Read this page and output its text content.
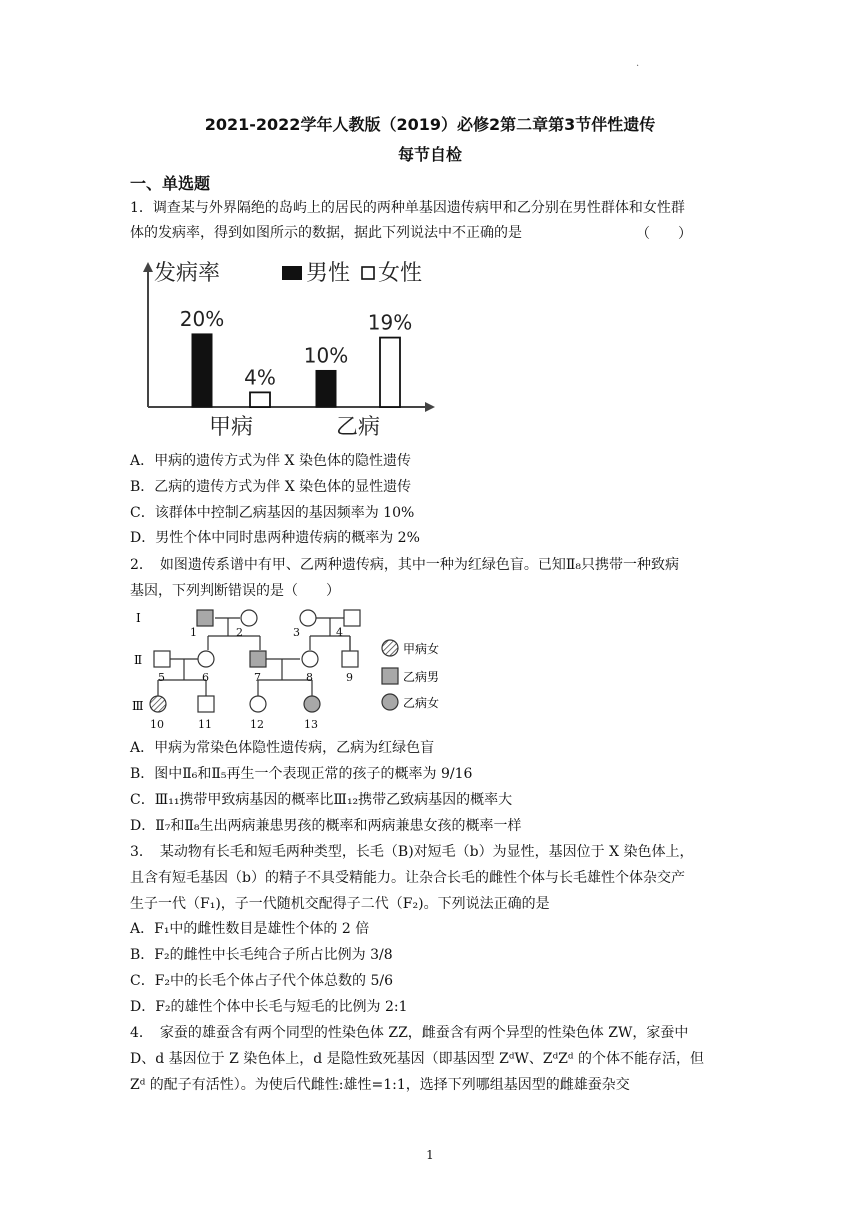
.
2021-2022学年人教版（2019）必修2第二章第3节伴性遗传
每节自检
一、单选题
1．调查某与外界隔绝的岛屿上的居民的两种单基因遗传病甲和乙分别在男性群体和女性群
体的发病率，得到如图所示的数据，据此下列说法中不正确的是	（　　）
发病率	男性 女性
20%
4%
甲病
10%
19%
乙病
A．甲病的遗传方式为伴 X 染色体的隐性遗传
B．乙病的遗传方式为伴 X 染色体的显性遗传
C．该群体中控制乙病基因的基因频率为 10%
D．男性个体中同时患两种遗传病的概率为 2%
2．　如图遗传系谱中有甲、乙两种遗传病，其中一种为红绿色盲。已知Ⅱ₈只携带一种致病
基因，下列判断错误的是（　　）
Ⅰ
Ⅱ
Ⅲ
1	2	3	4
5	6	7	8	9
10	11	12	13
甲病女
乙病男
乙病女
A．甲病为常染色体隐性遗传病，乙病为红绿色盲
B．图中Ⅱ₆和Ⅱ₅再生一个表现正常的孩子的概率为 9/16
C．Ⅲ₁₁携带甲致病基因的概率比Ⅲ₁₂携带乙致病基因的概率大
D．Ⅱ₇和Ⅱ₈生出两病兼患男孩的概率和两病兼患女孩的概率一样
3．　某动物有长毛和短毛两种类型，长毛（B)对短毛（b）为显性，基因位于 X 染色体上，
且含有短毛基因（b）的精子不具受精能力。让杂合长毛的雌性个体与长毛雄性个体杂交产
生子一代（F₁)，子一代随机交配得子二代（F₂)。下列说法正确的是
A．F₁中的雌性数目是雄性个体的 2 倍
B．F₂的雌性中长毛纯合子所占比例为 3/8
C．F₂中的长毛个体占子代个体总数的 5/6
D．F₂的雄性个体中长毛与短毛的比例为 2:1
4．　家蚕的雄蚕含有两个同型的性染色体 ZZ，雌蚕含有两个异型的性染色体 ZW，家蚕中
D、d 基因位于 Z 染色体上，d 是隐性致死基因（即基因型 ZᵈW、ZᵈZᵈ 的个体不能存活，但
Zᵈ 的配子有活性）。为使后代雌性:雄性=1:1，选择下列哪组基因型的雌雄蚕杂交
1
